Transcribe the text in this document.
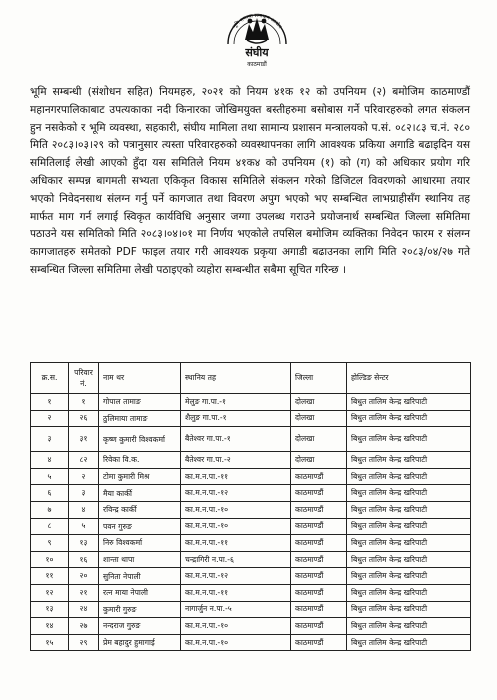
भूमि समस्या समाधान आयोग
संघीय
काठमाडौं

भूमि सम्बन्धी (संशोधन सहित) नियमहरु, २०२१ को नियम ४१क १२ को उपनियम (२) बमोजिम काठमाण्डौं महानगरपालिकाबाट उपत्यकाका नदी किनारका जोखिमयुक्त बस्तीहरुमा बसोबास गर्ने परिवारहरुको लगत संकलन हुन नसकेको र भूमि व्यवस्था, सहकारी, संघीय मामिला तथा सामान्य प्रशासन मन्त्रालयको प.सं. ०८२।८३ च.नं. २८० मिति २०८३।०३।२९ को पत्रानुसार त्यस्ता परिवारहरुको व्यवस्थापनका लागि आवश्यक प्रकिया अगाडि बढाइदिन यस समितिलाई लेखी आएको हुँदा यस समितिले नियम ४१क४ को उपनियम (१) को (ग) को अधिकार प्रयोग गरि अधिकार सम्पन्न बागमती सभ्यता एकिकृत विकास समितिले संकलन गरेको डिजिटल विवरणको आधारमा तयार भएको निवेदनसाथ संलग्न गर्नु पर्ने कागजात तथा विवरण अपुग भएको भए सम्बन्धित लाभग्राहीसँग स्थानिय तह मार्फत माग गर्न लगाई स्विकृत कार्यविधि अनुसार जग्गा उपलब्ध गराउने प्रयोजनार्थ सम्बन्धित जिल्ला समितिमा पठाउने यस समितिको मिति २०८३।०४।०१ मा निर्णय भएकोले तपसिल बमोजिम व्यक्तिका निवेदन फारम र संलग्न कागजातहरु समेतको PDF फाइल तयार गरी आवश्यक प्रकृया अगाडी बढाउनका लागि मिति २०८३/०४/२७ गते सम्बन्धित जिल्ला समितिमा लेखी पठाइएको व्यहोरा सम्बन्धीत सबैमा सूचित गरिन्छ ।

क्र.स.	परिवार नं.	नाम थर	स्थानिय तह	जिल्ला	होल्डिङ सेन्टर
१	१	गोपाल तामाङ	मेलुङ गा.पा.-१	दोलखा	बिधुत तालिम केन्द्र खरिपाटी
२	२६	ठुलिमाया तामाङ	शैलुङ गा.पा.-१	दोलखा	बिधुत तालिम केन्द्र खरिपाटी
३	३१	कृष्ण कुमारी विश्वकर्मा	बैतेश्वर गा.पा.-१	दोलखा	बिधुत तालिम केन्द्र खरिपाटी
४	८२	रिवेका वि.क.	बैतेश्वर गा.पा.-२	दोलखा	बिधुत तालिम केन्द्र खरिपाटी
५	२	टोमा कुमारी मिश्र	का.म.न.पा.-११	काठमाण्डौं	बिधुत तालिम केन्द्र खरिपाटी
६	३	मैया कार्की	का.म.न.पा.-१२	काठमाण्डौं	बिधुत तालिम केन्द्र खरिपाटी
७	४	रविन्द्र कार्की	का.म.न.पा.-१०	काठमाण्डौं	बिधुत तालिम केन्द्र खरिपाटी
८	५	पवन गुरुङ	का.म.न.पा.-१०	काठमाण्डौं	बिधुत तालिम केन्द्र खरिपाटी
९	१३	निरु विश्वकर्मा	का.म.न.पा.-११	काठमाण्डौं	बिधुत तालिम केन्द्र खरिपाटी
१०	१६	शान्ता थापा	चन्द्रागिरी न.पा.-६	काठमाण्डौं	बिधुत तालिम केन्द्र खरिपाटी
११	२०	सुनिता नेपाली	का.म.न.पा.-१२	काठमाण्डौं	बिधुत तालिम केन्द्र खरिपाटी
१२	२१	रत्न माया नेपाली	का.म.न.पा.-११	काठमाण्डौं	बिधुत तालिम केन्द्र खरिपाटी
१३	२४	कुमारी गुरुङ	नागार्जुन न.पा.-५	काठमाण्डौं	बिधुत तालिम केन्द्र खरिपाटी
१४	२७	नन्दराज गुरुङ	का.म.न.पा.-१०	काठमाण्डौं	बिधुत तालिम केन्द्र खरिपाटी
१५	२९	प्रेम बहादुर हुमागाई	का.म.न.पा.-१०	काठमाण्डौं	बिधुत तालिम केन्द्र खरिपाटी
